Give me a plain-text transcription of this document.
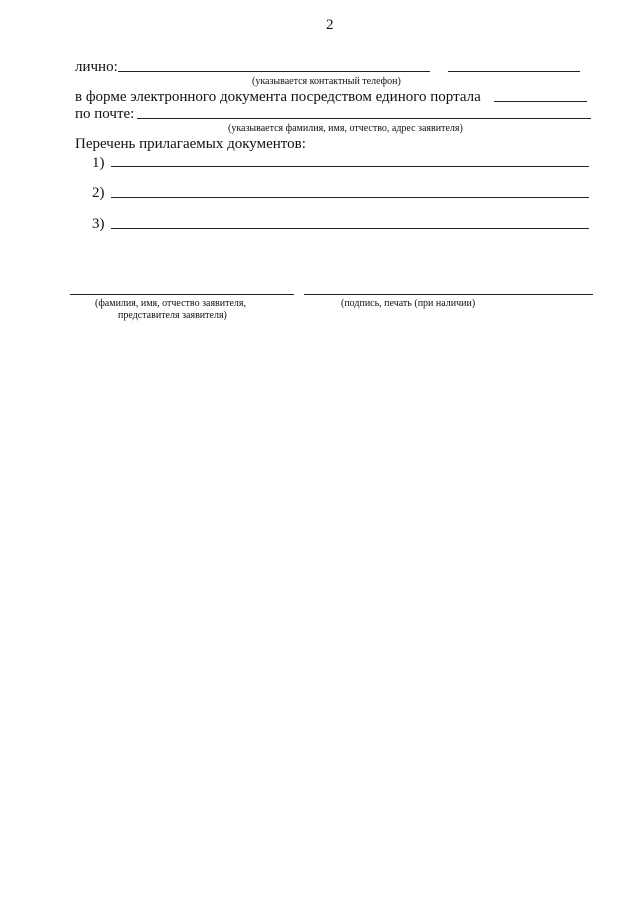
2
лично:
(указывается контактный телефон)
в форме электронного документа посредством единого портала
по почте:
(указывается фамилия, имя, отчество, адрес заявителя)
Перечень прилагаемых документов:
1)
2)
3)
(фамилия, имя, отчество заявителя,
представителя заявителя)
(подпись, печать (при наличии)
